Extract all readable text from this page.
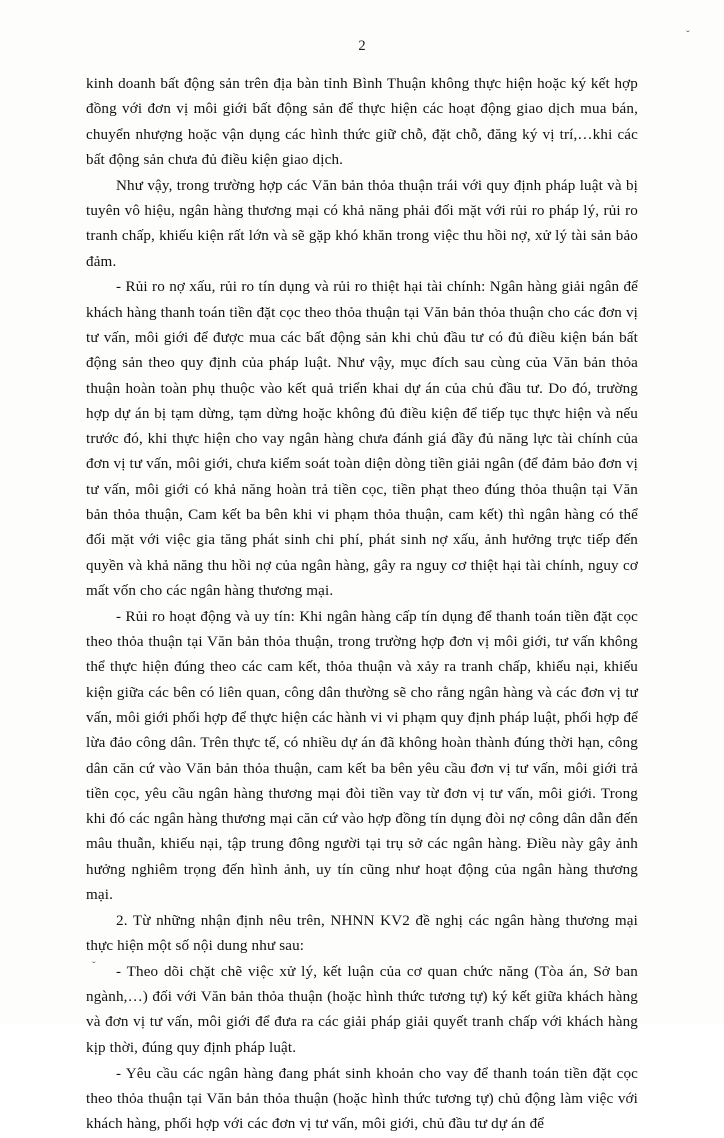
2
ˇ

kinh doanh bất động sản trên địa bàn tỉnh Bình Thuận không thực hiện hoặc ký kết hợp đồng với đơn vị môi giới bất động sản để thực hiện các hoạt động giao dịch mua bán, chuyển nhượng hoặc vận dụng các hình thức giữ chỗ, đặt chỗ, đăng ký vị trí,…khi các bất động sản chưa đủ điều kiện giao dịch.

Như vậy, trong trường hợp các Văn bản thỏa thuận trái với quy định pháp luật và bị tuyên vô hiệu, ngân hàng thương mại có khả năng phải đối mặt với rủi ro pháp lý, rủi ro tranh chấp, khiếu kiện rất lớn và sẽ gặp khó khăn trong việc thu hồi nợ, xử lý tài sản bảo đảm.

- Rủi ro nợ xấu, rủi ro tín dụng và rủi ro thiệt hại tài chính: Ngân hàng giải ngân để khách hàng thanh toán tiền đặt cọc theo thỏa thuận tại Văn bản thỏa thuận cho các đơn vị tư vấn, môi giới để được mua các bất động sản khi chủ đầu tư có đủ điều kiện bán bất động sản theo quy định của pháp luật. Như vậy, mục đích sau cùng của Văn bản thỏa thuận hoàn toàn phụ thuộc vào kết quả triển khai dự án của chủ đầu tư. Do đó, trường hợp dự án bị tạm dừng, tạm dừng hoặc không đủ điều kiện để tiếp tục thực hiện và nếu trước đó, khi thực hiện cho vay ngân hàng chưa đánh giá đầy đủ năng lực tài chính của đơn vị tư vấn, môi giới, chưa kiểm soát toàn diện dòng tiền giải ngân (để đảm bảo đơn vị tư vấn, môi giới có khả năng hoàn trả tiền cọc, tiền phạt theo đúng thỏa thuận tại Văn bản thỏa thuận, Cam kết ba bên khi vi phạm thỏa thuận, cam kết) thì ngân hàng có thể đối mặt với việc gia tăng phát sinh chi phí, phát sinh nợ xấu, ảnh hưởng trực tiếp đến quyền và khả năng thu hồi nợ của ngân hàng, gây ra nguy cơ thiệt hại tài chính, nguy cơ mất vốn cho các ngân hàng thương mại.

- Rủi ro hoạt động và uy tín: Khi ngân hàng cấp tín dụng để thanh toán tiền đặt cọc theo thỏa thuận tại Văn bản thỏa thuận, trong trường hợp đơn vị môi giới, tư vấn không thể thực hiện đúng theo các cam kết, thỏa thuận và xảy ra tranh chấp, khiếu nại, khiếu kiện giữa các bên có liên quan, công dân thường sẽ cho rằng ngân hàng và các đơn vị tư vấn, môi giới phối hợp để thực hiện các hành vi vi phạm quy định pháp luật, phối hợp để lừa đảo công dân. Trên thực tế, có nhiều dự án đã không hoàn thành đúng thời hạn, công dân căn cứ vào Văn bản thỏa thuận, cam kết ba bên yêu cầu đơn vị tư vấn, môi giới trả tiền cọc, yêu cầu ngân hàng thương mại đòi tiền vay từ đơn vị tư vấn, môi giới. Trong khi đó các ngân hàng thương mại căn cứ vào hợp đồng tín dụng đòi nợ công dân dẫn đến mâu thuẫn, khiếu nại, tập trung đông người tại trụ sở các ngân hàng. Điều này gây ảnh hưởng nghiêm trọng đến hình ảnh, uy tín cũng như hoạt động của ngân hàng thương mại.

2. Từ những nhận định nêu trên, NHNN KV2 đề nghị các ngân hàng thương mại thực hiện một số nội dung như sau:

- Theo dõi chặt chẽ việc xử lý, kết luận của cơ quan chức năng (Tòa án, Sở ban ngành,…) đối với Văn bản thỏa thuận (hoặc hình thức tương tự) ký kết giữa khách hàng và đơn vị tư vấn, môi giới để đưa ra các giải pháp giải quyết tranh chấp với khách hàng kịp thời, đúng quy định pháp luật.

- Yêu cầu các ngân hàng đang phát sinh khoản cho vay để thanh toán tiền đặt cọc theo thỏa thuận tại Văn bản thỏa thuận (hoặc hình thức tương tự) chủ động làm việc với khách hàng, phối hợp với các đơn vị tư vấn, môi giới, chủ đầu tư dự án để

ˇ
